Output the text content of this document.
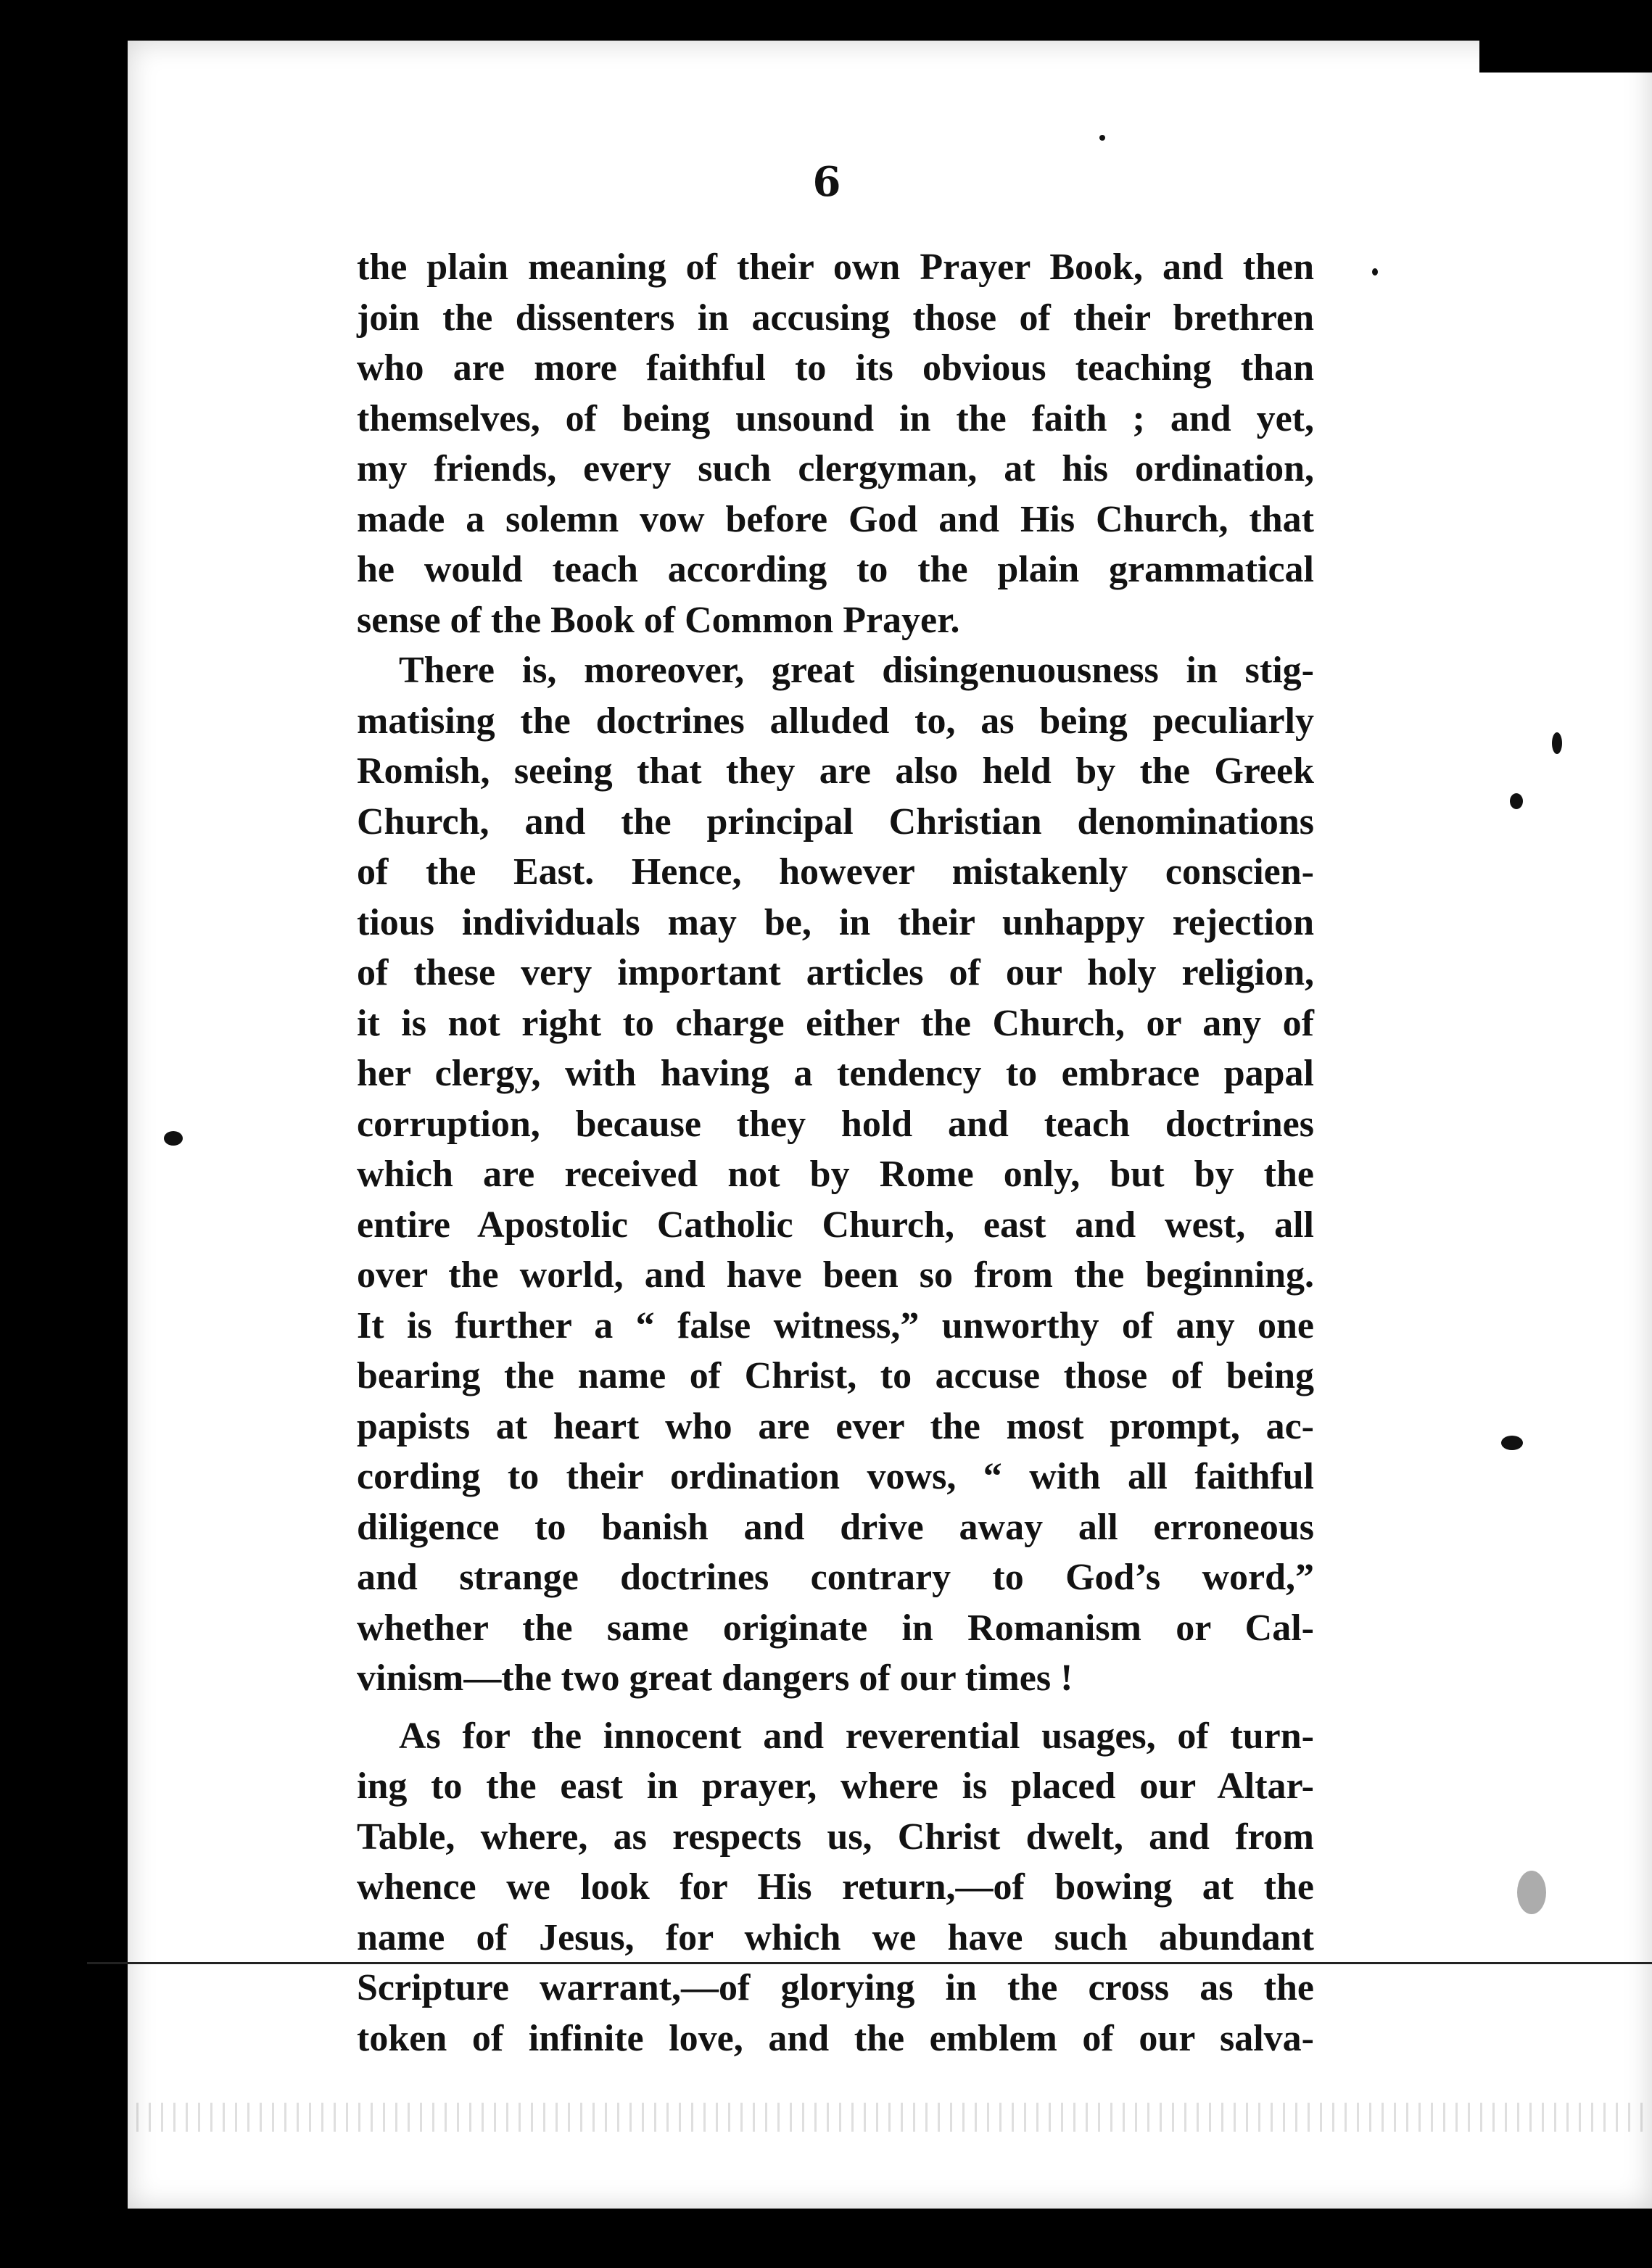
6
the plain meaning of their own Prayer Book, and then
join the dissenters in accusing those of their brethren
who are more faithful to its obvious teaching than
themselves, of being unsound in the faith ; and yet,
my friends, every such clergyman, at his ordination,
made a solemn vow before God and His Church, that
he would teach according to the plain grammatical
sense of the Book of Common Prayer.
There is, moreover, great disingenuousness in stig-
matising the doctrines alluded to, as being peculiarly
Romish, seeing that they are also held by the Greek
Church, and the principal Christian denominations
of the East. Hence, however mistakenly conscien-
tious individuals may be, in their unhappy rejection
of these very important articles of our holy religion,
it is not right to charge either the Church, or any of
her clergy, with having a tendency to embrace papal
corruption, because they hold and teach doctrines
which are received not by Rome only, but by the
entire Apostolic Catholic Church, east and west, all
over the world, and have been so from the beginning.
It is further a “ false witness,” unworthy of any one
bearing the name of Christ, to accuse those of being
papists at heart who are ever the most prompt, ac-
cording to their ordination vows, “ with all faithful
diligence to banish and drive away all erroneous
and strange doctrines contrary to God’s word,”
whether the same originate in Romanism or Cal-
vinism—the two great dangers of our times !
As for the innocent and reverential usages, of turn-
ing to the east in prayer, where is placed our Altar-
Table, where, as respects us, Christ dwelt, and from
whence we look for His return,—of bowing at the
name of Jesus, for which we have such abundant
Scripture warrant,—of glorying in the cross as the
token of infinite love, and the emblem of our salva-
